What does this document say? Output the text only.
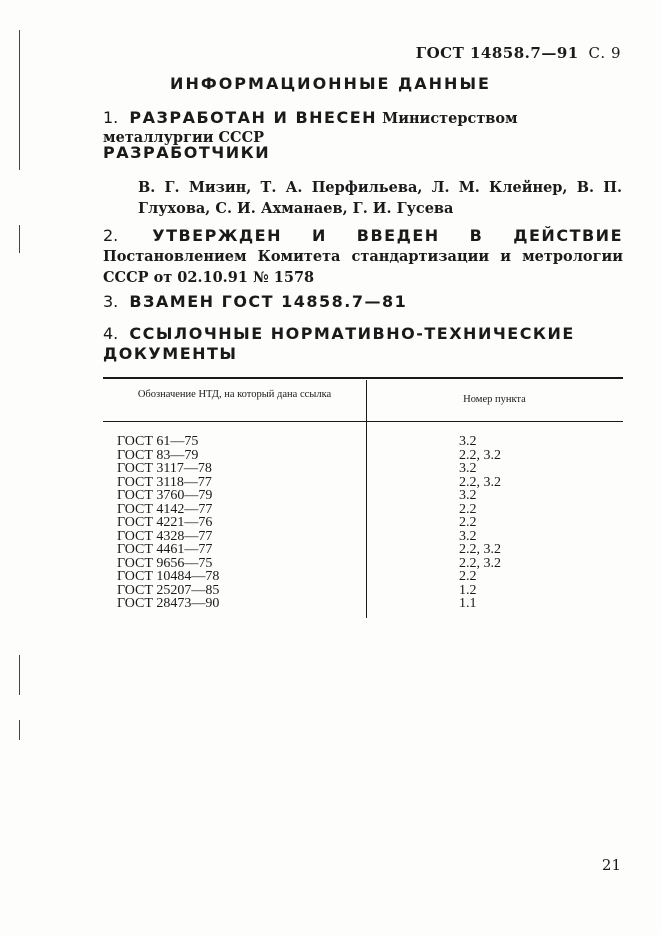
ГОСТ 14858.7—91 С. 9
ИНФОРМАЦИОННЫЕ ДАННЫЕ
1. РАЗРАБОТАН И ВНЕСЕН Министерством металлургии СССР
РАЗРАБОТЧИКИ
В. Г. Мизин, Т. А. Перфильева, Л. М. Клейнер, В. П. Глухова, С. И. Ахманаев, Г. И. Гусева
2. УТВЕРЖДЕН И ВВЕДЕН В ДЕЙСТВИЕ Постановлением Комитета стандартизации и метрологии СССР от 02.10.91 № 1578
3. ВЗАМЕН ГОСТ 14858.7—81
4. ССЫЛОЧНЫЕ НОРМАТИВНО-ТЕХНИЧЕСКИЕ ДОКУМЕНТЫ
Обозначение НТД, на который дана ссылка	Номер пункта
ГОСТ 61—75
ГОСТ 83—79
ГОСТ 3117—78
ГОСТ 3118—77
ГОСТ 3760—79
ГОСТ 4142—77
ГОСТ 4221—76
ГОСТ 4328—77
ГОСТ 4461—77
ГОСТ 9656—75
ГОСТ 10484—78
ГОСТ 25207—85
ГОСТ 28473—90
3.2
2.2, 3.2
3.2
2.2, 3.2
3.2
2.2
2.2
3.2
2.2, 3.2
2.2, 3.2
2.2
1.2
1.1
21
